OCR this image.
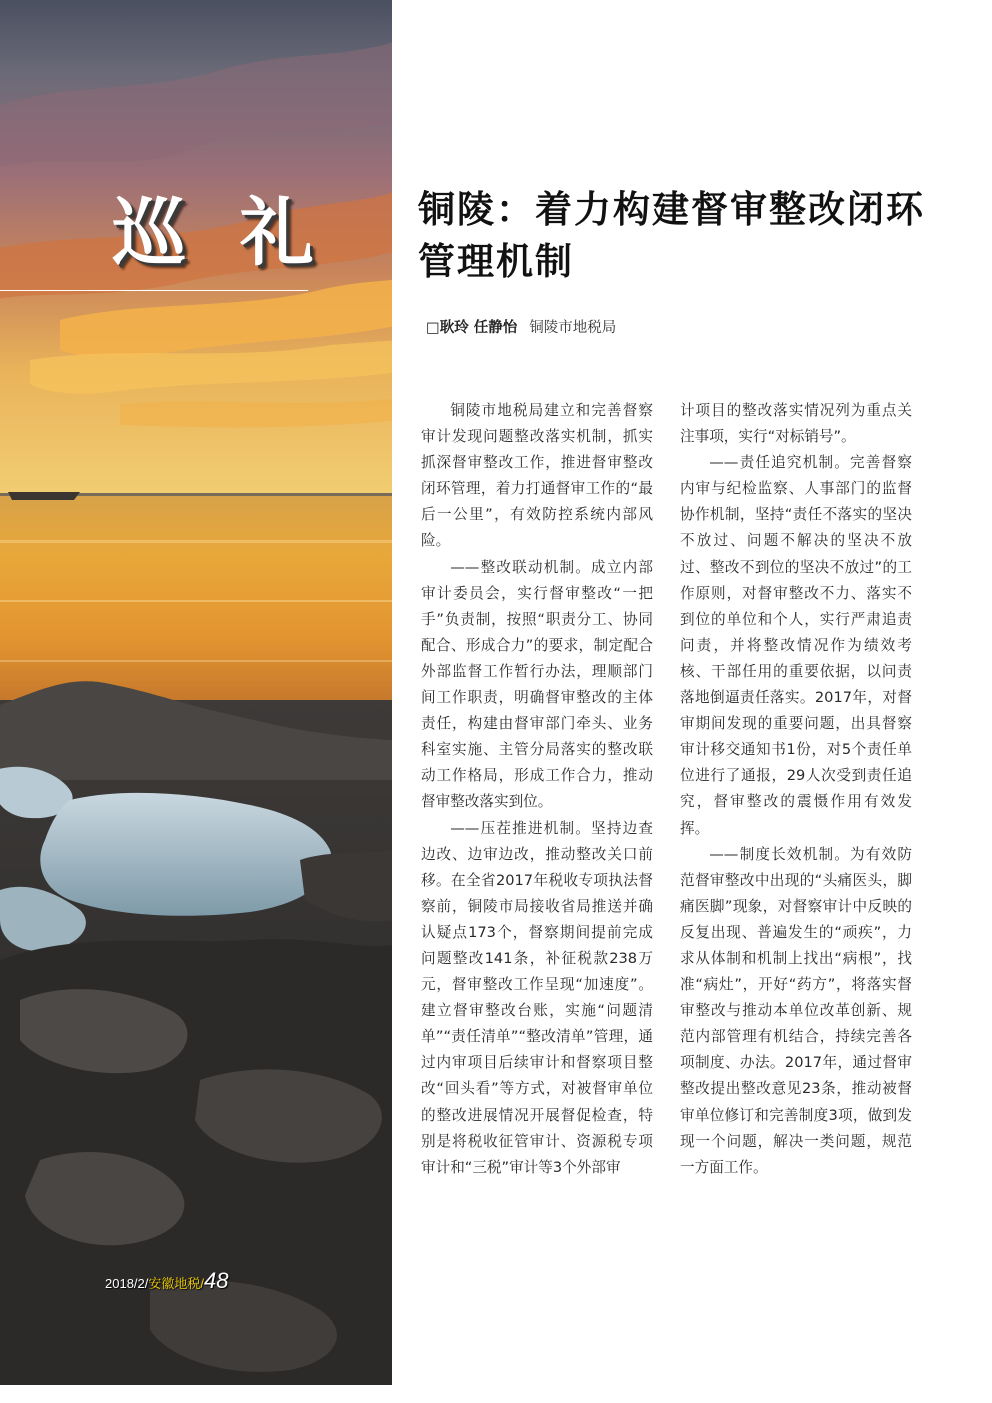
巡 礼
2018/2/安徽地税/48
铜陵：着力构建督审整改闭环管理机制
□耿玲 任静怡 铜陵市地税局

铜陵市地税局建立和完善督察审计发现问题整改落实机制，抓实抓深督审整改工作，推进督审整改闭环管理，着力打通督审工作的“最后一公里”，有效防控系统内部风险。

——整改联动机制。成立内部审计委员会，实行督审整改“一把手”负责制，按照“职责分工、协同配合、形成合力”的要求，制定配合外部监督工作暂行办法，理顺部门间工作职责，明确督审整改的主体责任，构建由督审部门牵头、业务科室实施、主管分局落实的整改联动工作格局，形成工作合力，推动督审整改落实到位。

——压茬推进机制。坚持边查边改、边审边改，推动整改关口前移。在全省2017年税收专项执法督察前，铜陵市局接收省局推送并确认疑点173个，督察期间提前完成问题整改141条，补征税款238万元，督审整改工作呈现“加速度”。建立督审整改台账，实施“问题清单”“责任清单”“整改清单”管理，通过内审项目后续审计和督察项目整改“回头看”等方式，对被督审单位的整改进展情况开展督促检查，特别是将税收征管审计、资源税专项审计和“三税”审计等3个外部审

计项目的整改落实情况列为重点关注事项，实行“对标销号”。

——责任追究机制。完善督察内审与纪检监察、人事部门的监督协作机制，坚持“责任不落实的坚决不放过、问题不解决的坚决不放过、整改不到位的坚决不放过”的工作原则，对督审整改不力、落实不到位的单位和个人，实行严肃追责问责，并将整改情况作为绩效考核、干部任用的重要依据，以问责落地倒逼责任落实。2017年，对督审期间发现的重要问题，出具督察审计移交通知书1份，对5个责任单位进行了通报，29人次受到责任追究，督审整改的震慑作用有效发挥。

——制度长效机制。为有效防范督审整改中出现的“头痛医头，脚痛医脚”现象，对督察审计中反映的反复出现、普遍发生的“顽疾”，力求从体制和机制上找出“病根”，找准“病灶”，开好“药方”，将落实督审整改与推动本单位改革创新、规范内部管理有机结合，持续完善各项制度、办法。2017年，通过督审整改提出整改意见23条，推动被督审单位修订和完善制度3项，做到发现一个问题，解决一类问题，规范一方面工作。
